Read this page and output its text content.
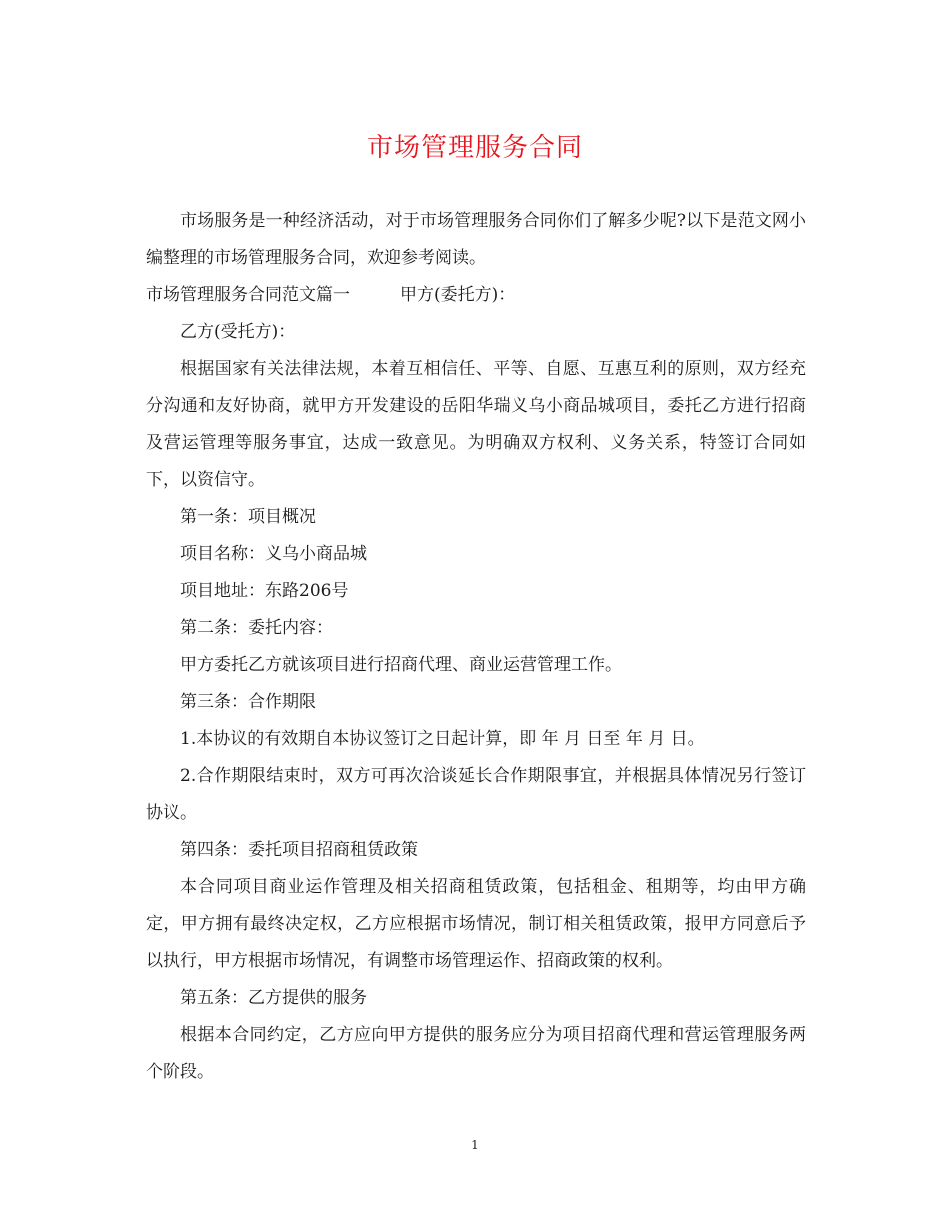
市场管理服务合同

市场服务是一种经济活动，对于市场管理服务合同你们了解多少呢?以下是范文网小编整理的市场管理服务合同，欢迎参考阅读。

市场管理服务合同范文篇一	甲方(委托方)：

乙方(受托方)：

根据国家有关法律法规，本着互相信任、平等、自愿、互惠互利的原则，双方经充分沟通和友好协商，就甲方开发建设的岳阳华瑞义乌小商品城项目，委托乙方进行招商及营运管理等服务事宜，达成一致意见。为明确双方权利、义务关系，特签订合同如下，以资信守。

第一条：项目概况

项目名称：义乌小商品城

项目地址：东路206号

第二条：委托内容：

甲方委托乙方就该项目进行招商代理、商业运营管理工作。

第三条：合作期限

1.本协议的有效期自本协议签订之日起计算，即 年 月 日至 年 月 日。

2.合作期限结束时，双方可再次洽谈延长合作期限事宜，并根据具体情况另行签订协议。

第四条：委托项目招商租赁政策

本合同项目商业运作管理及相关招商租赁政策，包括租金、租期等，均由甲方确定，甲方拥有最终决定权，乙方应根据市场情况，制订相关租赁政策，报甲方同意后予以执行，甲方根据市场情况，有调整市场管理运作、招商政策的权利。

第五条：乙方提供的服务

根据本合同约定，乙方应向甲方提供的服务应分为项目招商代理和营运管理服务两个阶段。

1
